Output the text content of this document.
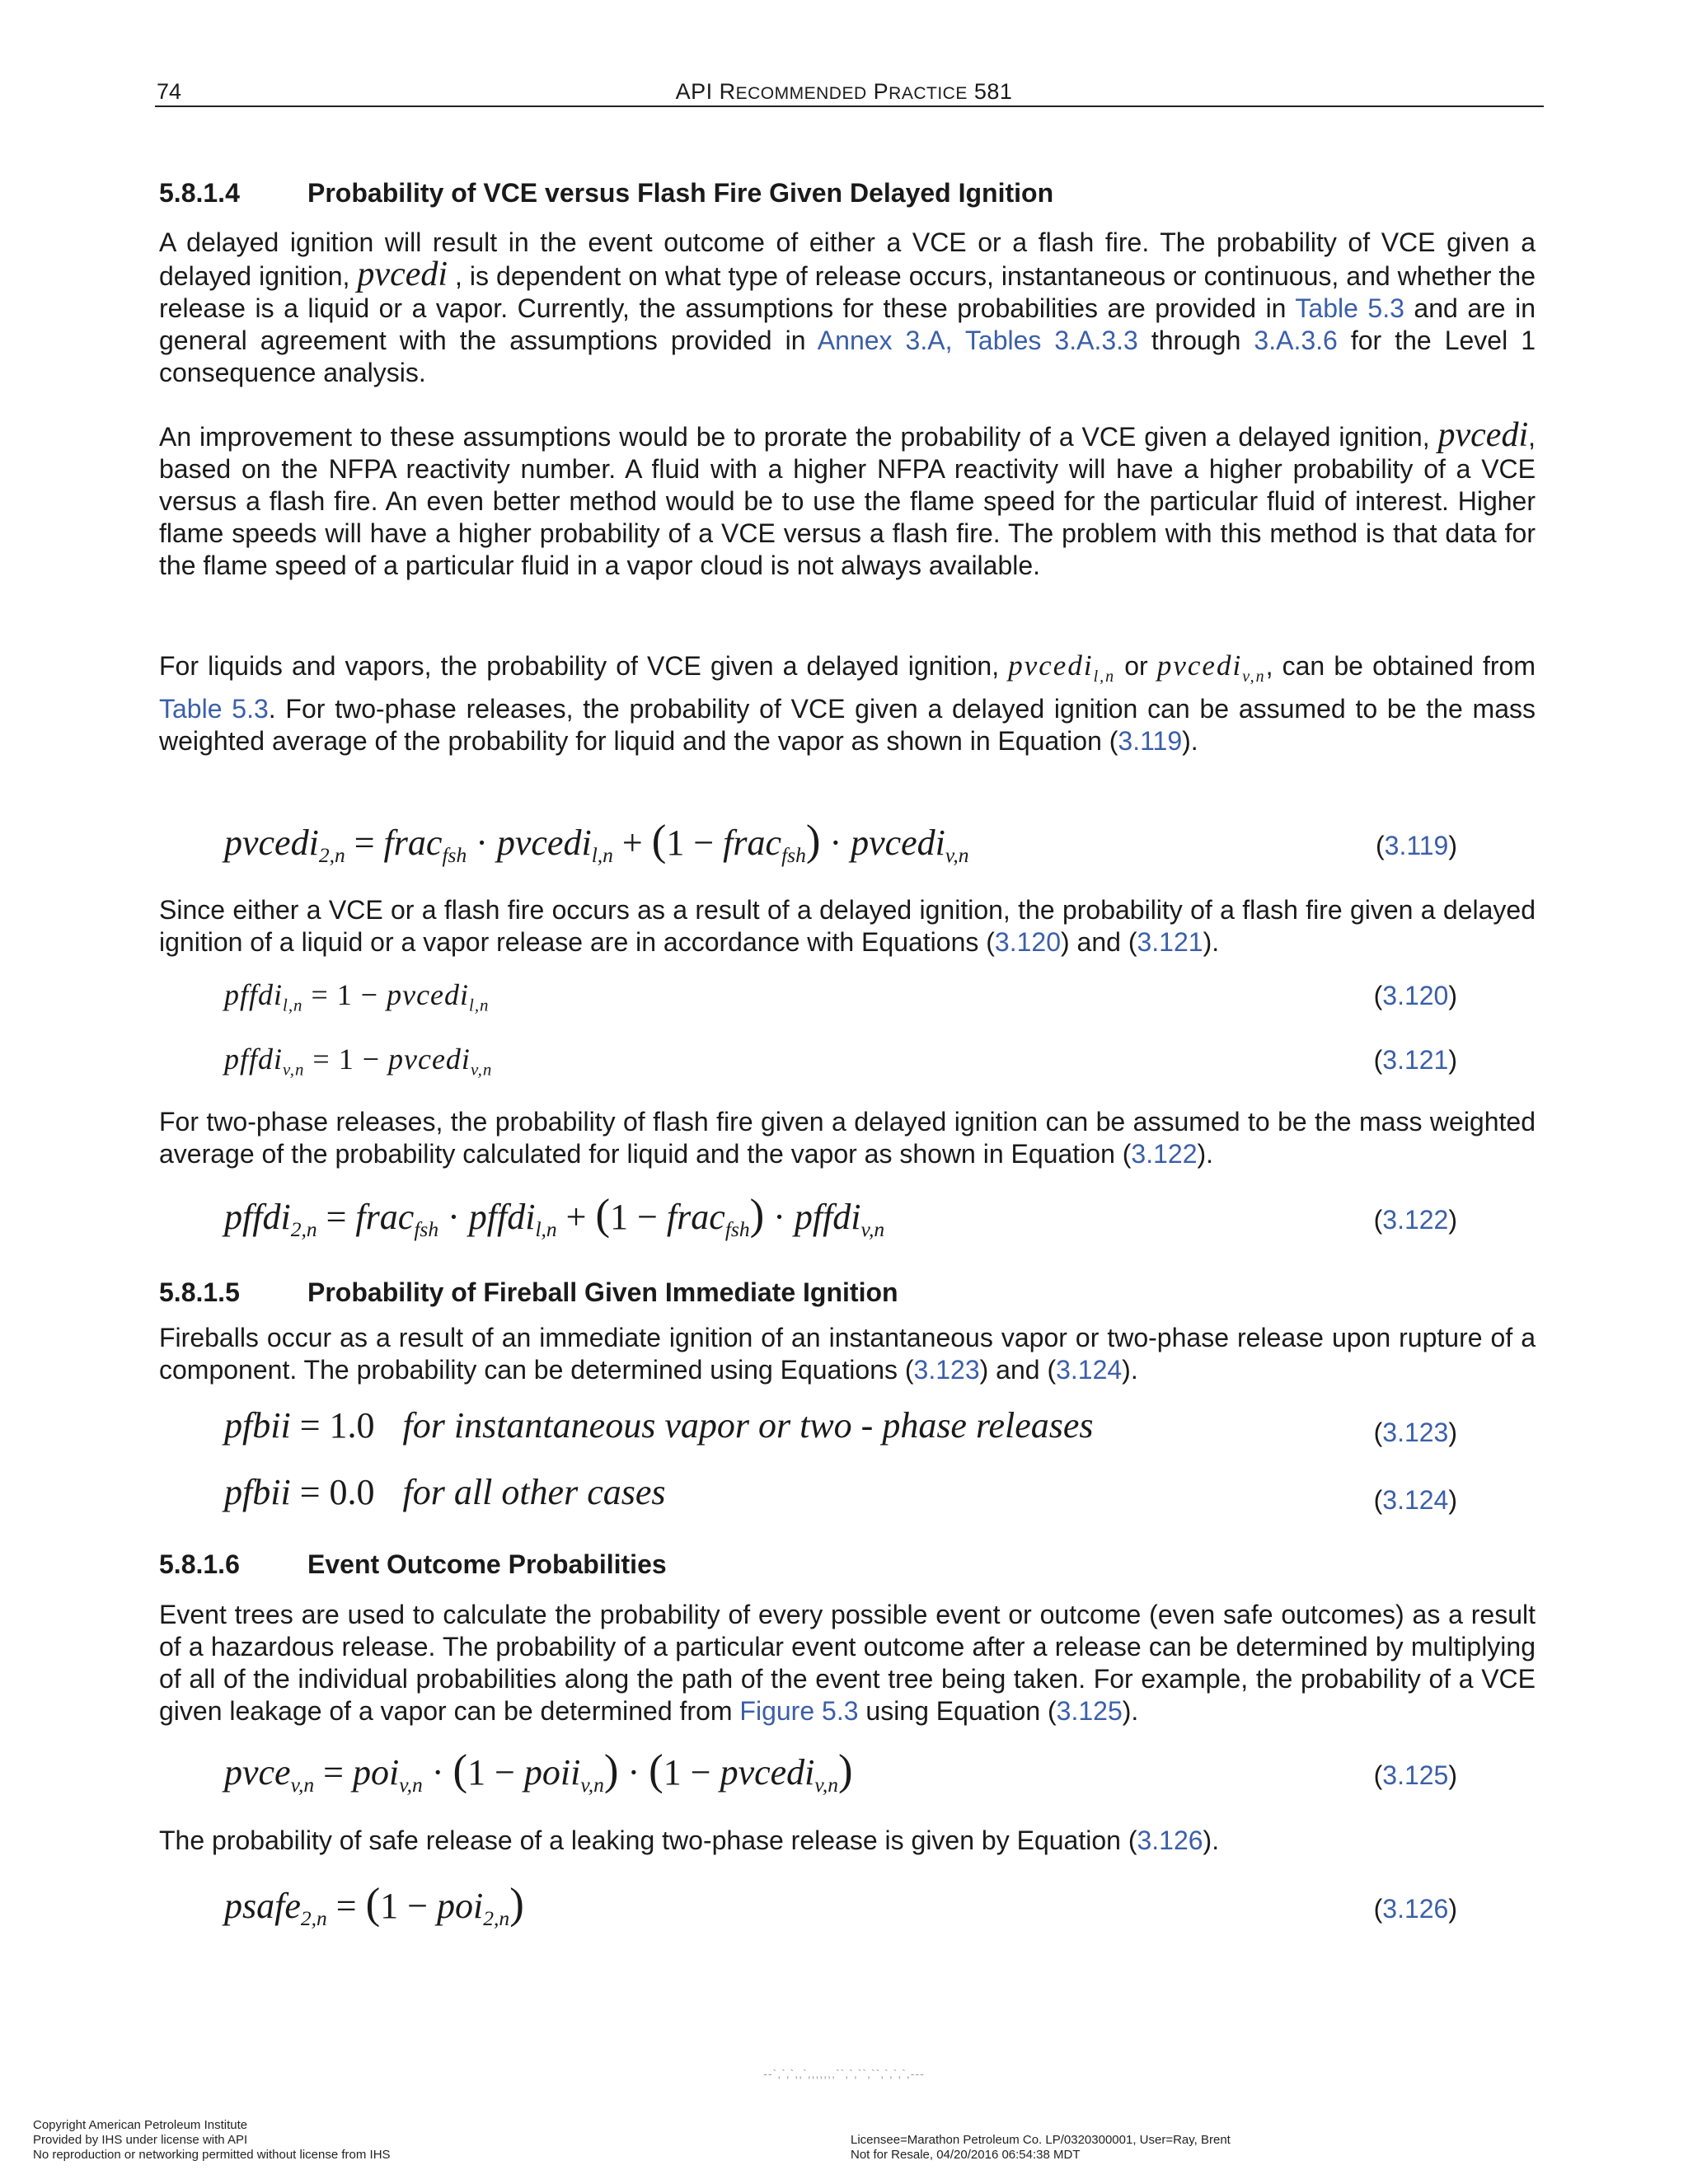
74	API RECOMMENDED PRACTICE 581
5.8.1.4	Probability of VCE versus Flash Fire Given Delayed Ignition
A delayed ignition will result in the event outcome of either a VCE or a flash fire. The probability of VCE given a delayed ignition, pvcedi , is dependent on what type of release occurs, instantaneous or continuous, and whether the release is a liquid or a vapor. Currently, the assumptions for these probabilities are provided in Table 5.3 and are in general agreement with the assumptions provided in Annex 3.A, Tables 3.A.3.3 through 3.A.3.6 for the Level 1 consequence analysis.
An improvement to these assumptions would be to prorate the probability of a VCE given a delayed ignition, pvcedi, based on the NFPA reactivity number. A fluid with a higher NFPA reactivity will have a higher probability of a VCE versus a flash fire. An even better method would be to use the flame speed for the particular fluid of interest. Higher flame speeds will have a higher probability of a VCE versus a flash fire. The problem with this method is that data for the flame speed of a particular fluid in a vapor cloud is not always available.
For liquids and vapors, the probability of VCE given a delayed ignition, pvcedi$_{l,n}$ or pvcedi$_{v,n}$, can be obtained from Table 5.3. For two-phase releases, the probability of VCE given a delayed ignition can be assumed to be the mass weighted average of the probability for liquid and the vapor as shown in Equation (3.119).
pvcedi$_{2,n}$ = frac$_{fsh}$ · pvcedi$_{l,n}$ + (1 − frac$_{fsh}$) · pvcedi$_{v,n}$	(3.119)
Since either a VCE or a flash fire occurs as a result of a delayed ignition, the probability of a flash fire given a delayed ignition of a liquid or a vapor release are in accordance with Equations (3.120) and (3.121).
pffdi$_{l,n}$ = 1 − pvcedi$_{l,n}$	(3.120)
pffdi$_{v,n}$ = 1 − pvcedi$_{v,n}$	(3.121)
For two-phase releases, the probability of flash fire given a delayed ignition can be assumed to be the mass weighted average of the probability calculated for liquid and the vapor as shown in Equation (3.122).
pffdi$_{2,n}$ = frac$_{fsh}$ · pffdi$_{l,n}$ + (1 − frac$_{fsh}$) · pffdi$_{v,n}$	(3.122)
5.8.1.5	Probability of Fireball Given Immediate Ignition
Fireballs occur as a result of an immediate ignition of an instantaneous vapor or two-phase release upon rupture of a component. The probability can be determined using Equations (3.123) and (3.124).
pfbii = 1.0 for instantaneous vapor or two - phase releases	(3.123)
pfbii = 0.0 for all other cases	(3.124)
5.8.1.6	Event Outcome Probabilities
Event trees are used to calculate the probability of every possible event or outcome (even safe outcomes) as a result of a hazardous release. The probability of a particular event outcome after a release can be determined by multiplying of all of the individual probabilities along the path of the event tree being taken. For example, the probability of a VCE given leakage of a vapor can be determined from Figure 5.3 using Equation (3.125).
pvce$_{v,n}$ = poi$_{v,n}$ · (1 − poii$_{v,n}$) · (1 − pvcedi$_{v,n}$)	(3.125)
The probability of safe release of a leaking two-phase release is given by Equation (3.126).
psafe$_{2,n}$ = (1 − poi$_{2,n}$)	(3.126)
--`,`,`,,`,,,,,,,``,`,``,``,`,`,`,---
Copyright American Petroleum Institute
Provided by IHS under license with API
No reproduction or networking permitted without license from IHS
Licensee=Marathon Petroleum Co. LP/0320300001, User=Ray, Brent
Not for Resale, 04/20/2016 06:54:38 MDT
